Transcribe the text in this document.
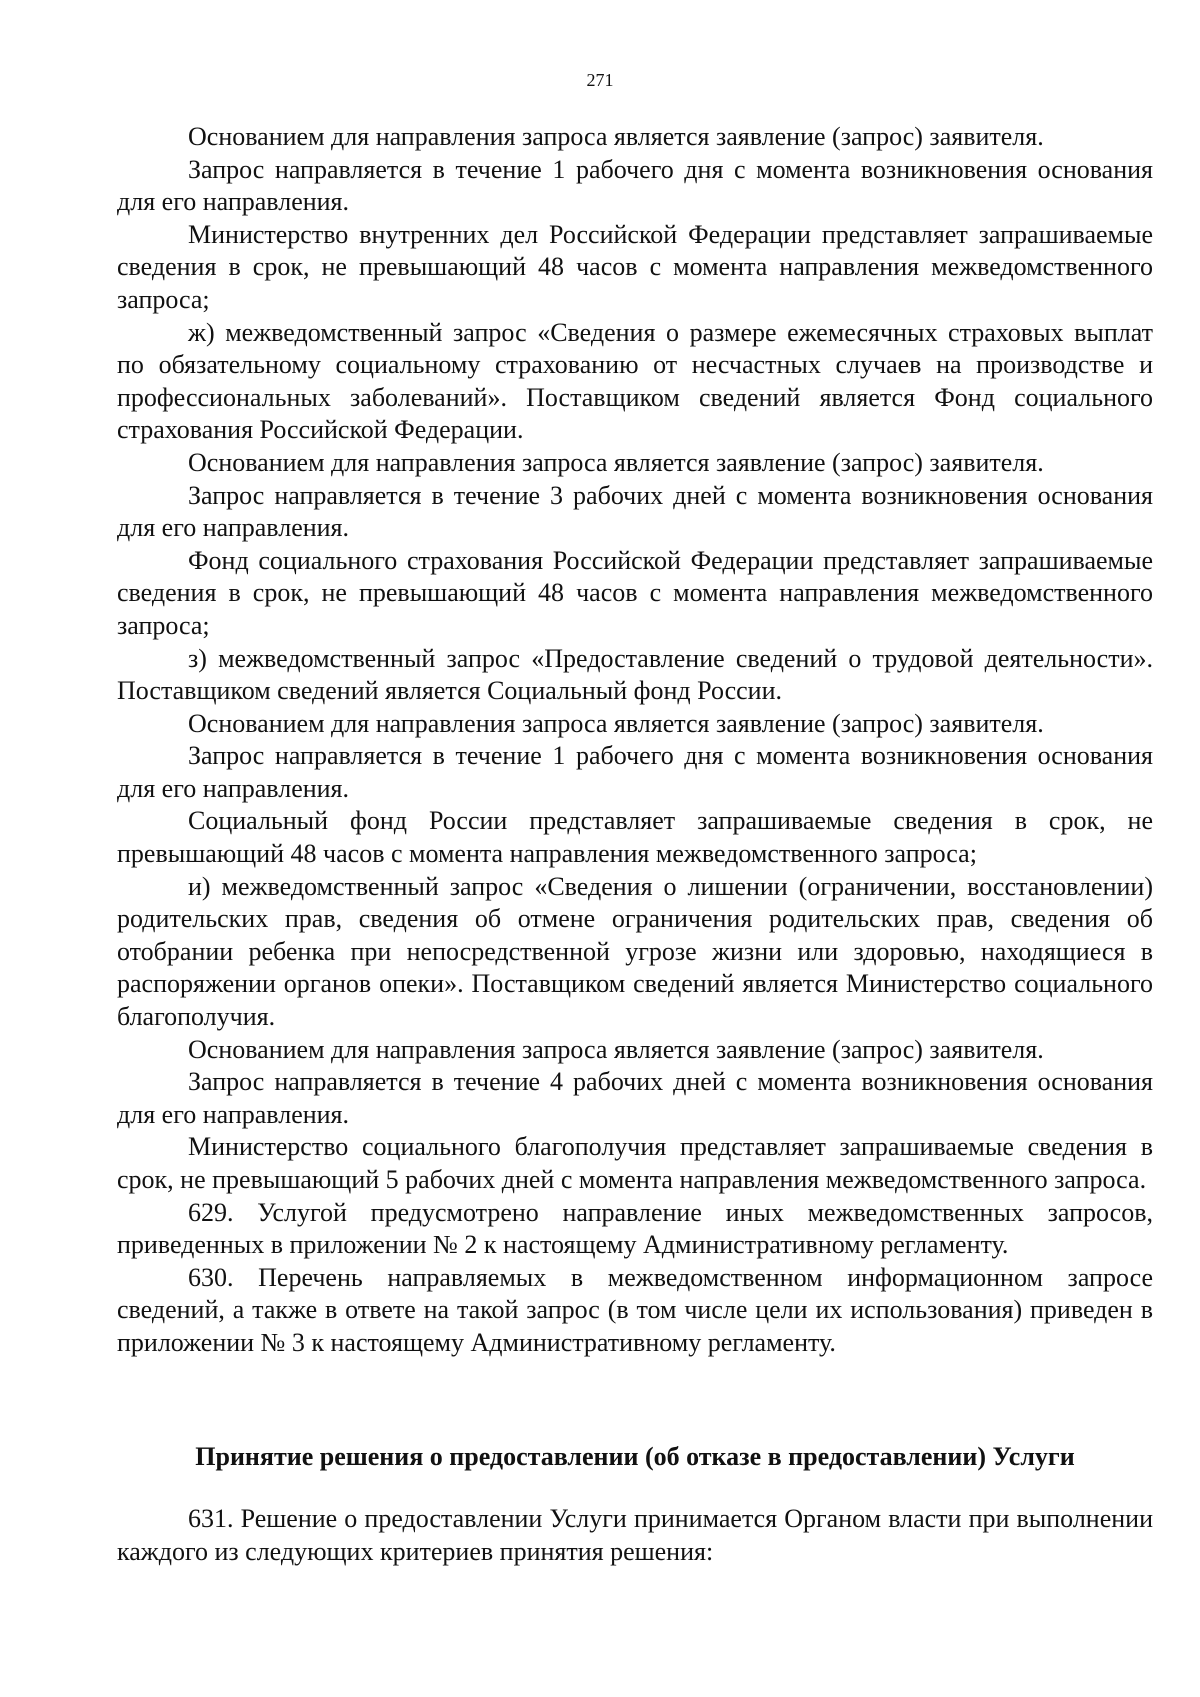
271

Основанием для направления запроса является заявление (запрос) заявителя.

Запрос направляется в течение 1 рабочего дня с момента возникновения основания для его направления.

Министерство внутренних дел Российской Федерации представляет запрашиваемые сведения в срок, не превышающий 48 часов с момента направления межведомственного запроса;

ж) межведомственный запрос «Сведения о размере ежемесячных страховых выплат по обязательному социальному страхованию от несчастных случаев на производстве и профессиональных заболеваний». Поставщиком сведений является Фонд социального страхования Российской Федерации.

Основанием для направления запроса является заявление (запрос) заявителя.

Запрос направляется в течение 3 рабочих дней с момента возникновения основания для его направления.

Фонд социального страхования Российской Федерации представляет запрашиваемые сведения в срок, не превышающий 48 часов с момента направления межведомственного запроса;

з) межведомственный запрос «Предоставление сведений о трудовой деятельности». Поставщиком сведений является Социальный фонд России.

Основанием для направления запроса является заявление (запрос) заявителя.

Запрос направляется в течение 1 рабочего дня с момента возникновения основания для его направления.

Социальный фонд России представляет запрашиваемые сведения в срок, не превышающий 48 часов с момента направления межведомственного запроса;

и) межведомственный запрос «Сведения о лишении (ограничении, восстановлении) родительских прав, сведения об отмене ограничения родительских прав, сведения об отобрании ребенка при непосредственной угрозе жизни или здоровью, находящиеся в распоряжении органов опеки». Поставщиком сведений является Министерство социального благополучия.

Основанием для направления запроса является заявление (запрос) заявителя.

Запрос направляется в течение 4 рабочих дней с момента возникновения основания для его направления.

Министерство социального благополучия представляет запрашиваемые сведения в срок, не превышающий 5 рабочих дней с момента направления межведомственного запроса.

629. Услугой предусмотрено направление иных межведомственных запросов, приведенных в приложении № 2 к настоящему Административному регламенту.

630. Перечень направляемых в межведомственном информационном запросе сведений, а также в ответе на такой запрос (в том числе цели их использования) приведен в приложении № 3 к настоящему Административному регламенту.

Принятие решения о предоставлении (об отказе в предоставлении) Услуги

631. Решение о предоставлении Услуги принимается Органом власти при выполнении каждого из следующих критериев принятия решения:
